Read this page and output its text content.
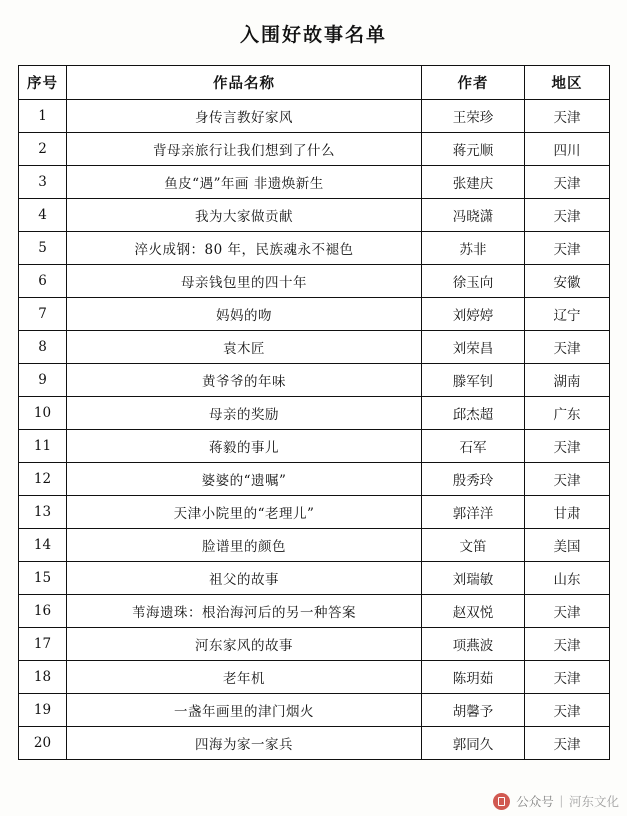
入围好故事名单
序号	作品名称	作者	地区
1	身传言教好家风	王荣珍	天津
2	背母亲旅行让我们想到了什么	蒋元顺	四川
3	鱼皮“遇”年画 非遗焕新生	张建庆	天津
4	我为大家做贡献	冯晓潇	天津
5	淬火成钢：80 年，民族魂永不褪色	苏非	天津
6	母亲钱包里的四十年	徐玉向	安徽
7	妈妈的吻	刘婷婷	辽宁
8	袁木匠	刘荣昌	天津
9	黄爷爷的年味	滕军钊	湖南
10	母亲的奖励	邱杰超	广东
11	蒋毅的事儿	石军	天津
12	婆婆的“遗嘱”	殷秀玲	天津
13	天津小院里的“老理儿”	郭洋洋	甘肃
14	脸谱里的颜色	文笛	美国
15	祖父的故事	刘瑞敏	山东
16	苇海遗珠：根治海河后的另一种答案	赵双悦	天津
17	河东家风的故事	项燕波	天津
18	老年机	陈玥茹	天津
19	一盏年画里的津门烟火	胡馨予	天津
20	四海为家一家兵	郭同久	天津
公众号 | 河东文化
